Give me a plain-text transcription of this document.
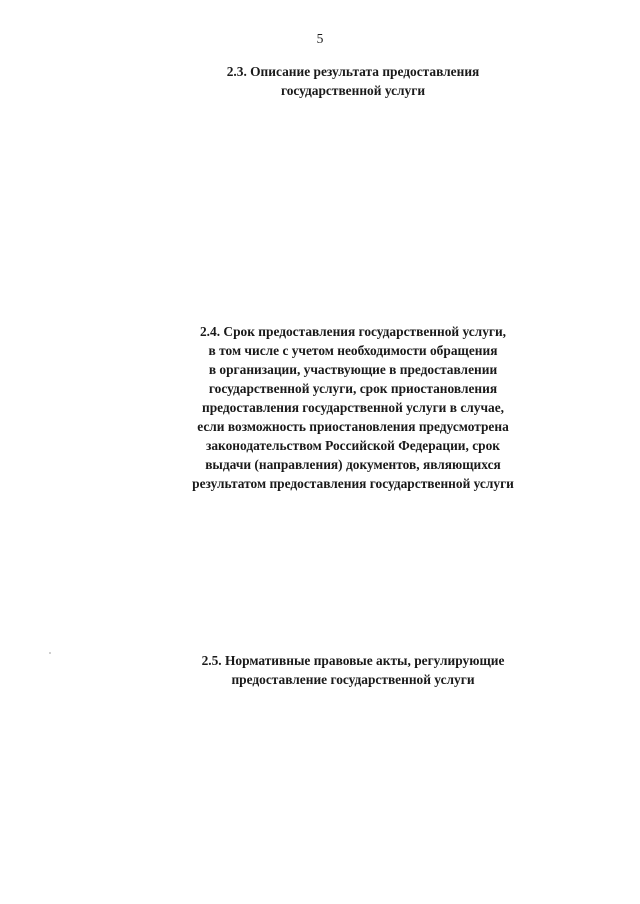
5
2.3. Описание результата предоставления
государственной услуги
2.4. Срок предоставления государственной услуги,
в том числе с учетом необходимости обращения
в организации, участвующие в предоставлении
государственной услуги, срок приостановления
предоставления государственной услуги в случае,
если возможность приостановления предусмотрена
законодательством Российской Федерации, срок
выдачи (направления) документов, являющихся
результатом предоставления государственной услуги
2.5. Нормативные правовые акты, регулирующие
предоставление государственной услуги
